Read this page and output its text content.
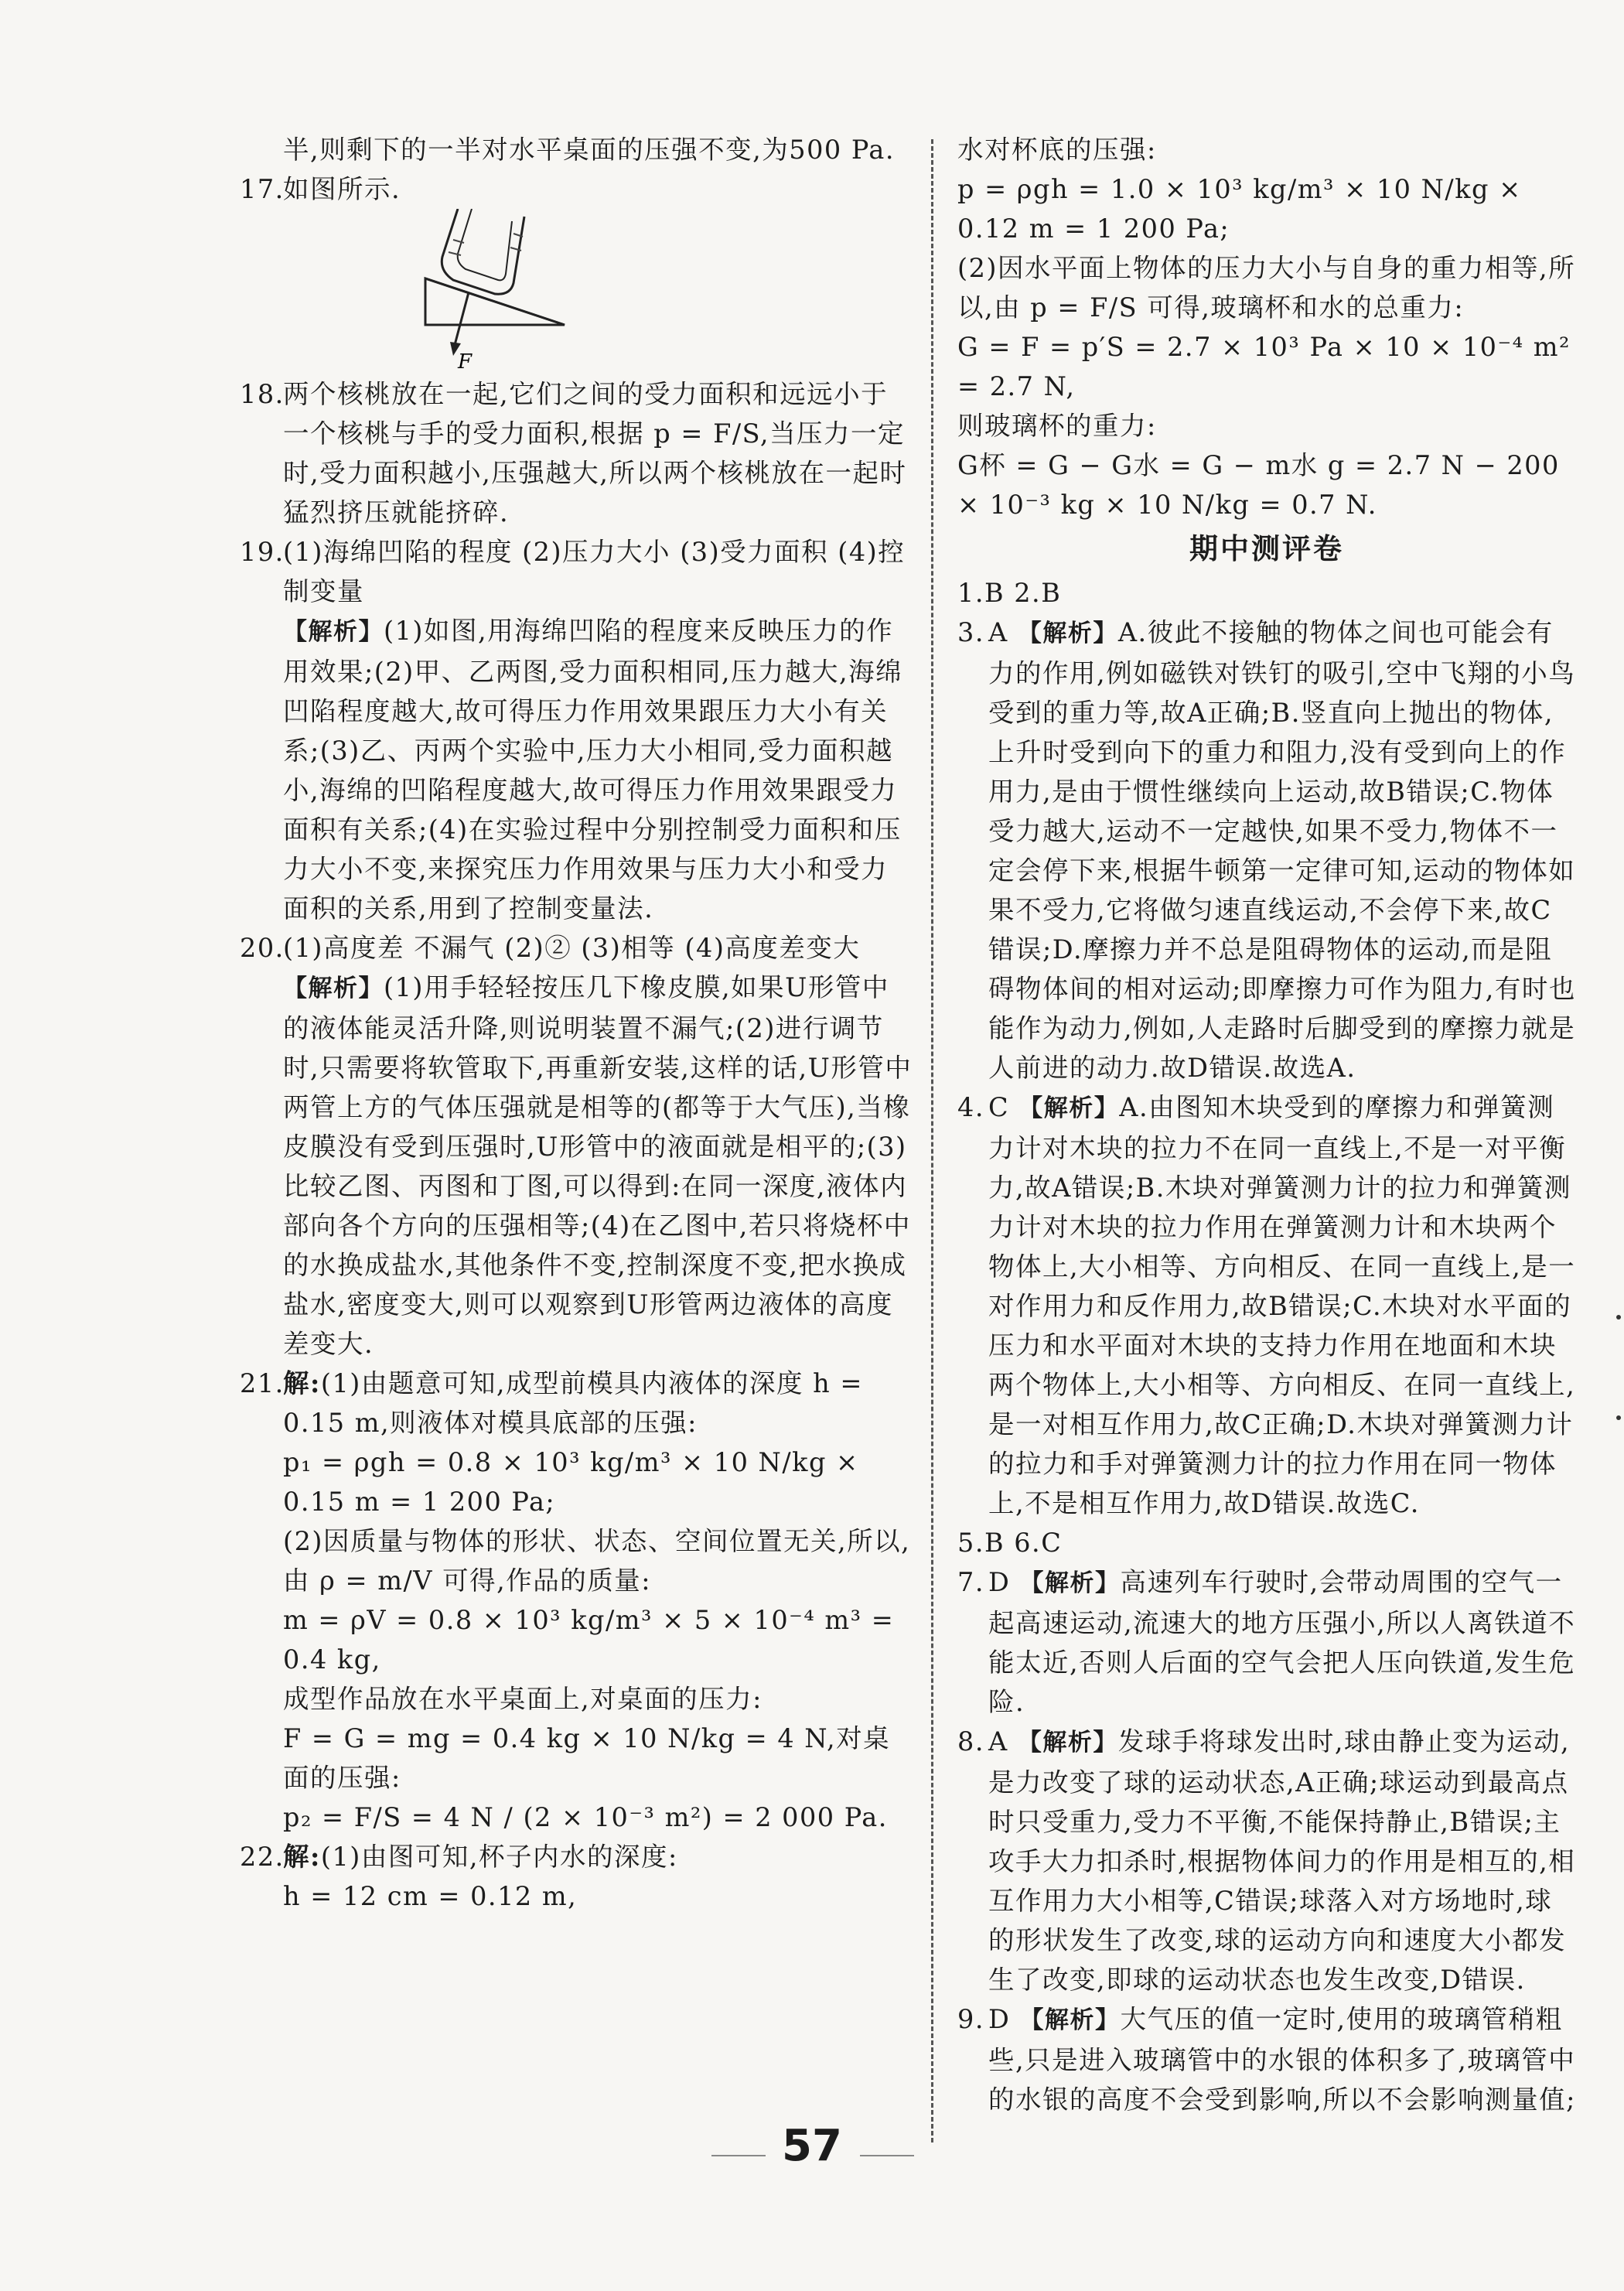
半,则剩下的一半对水平桌面的压强不变,为500 Pa.
17.
如图所示.
F
18.
两个核桃放在一起,它们之间的受力面积和远远小于一个核桃与手的受力面积,根据 p = F/S,当压力一定时,受力面积越小,压强越大,所以两个核桃放在一起时猛烈挤压就能挤碎.
19.
(1)海绵凹陷的程度 (2)压力大小 (3)受力面积 (4)控制变量
【解析】(1)如图,用海绵凹陷的程度来反映压力的作用效果;(2)甲、乙两图,受力面积相同,压力越大,海绵凹陷程度越大,故可得压力作用效果跟压力大小有关系;(3)乙、丙两个实验中,压力大小相同,受力面积越小,海绵的凹陷程度越大,故可得压力作用效果跟受力面积有关系;(4)在实验过程中分别控制受力面积和压力大小不变,来探究压力作用效果与压力大小和受力面积的关系,用到了控制变量法.
20.
(1)高度差 不漏气 (2)② (3)相等 (4)高度差变大 【解析】(1)用手轻轻按压几下橡皮膜,如果U形管中的液体能灵活升降,则说明装置不漏气;(2)进行调节时,只需要将软管取下,再重新安装,这样的话,U形管中两管上方的气体压强就是相等的(都等于大气压),当橡皮膜没有受到压强时,U形管中的液面就是相平的;(3)比较乙图、丙图和丁图,可以得到:在同一深度,液体内部向各个方向的压强相等;(4)在乙图中,若只将烧杯中的水换成盐水,其他条件不变,控制深度不变,把水换成盐水,密度变大,则可以观察到U形管两边液体的高度差变大.
21.
解:(1)由题意可知,成型前模具内液体的深度 h = 0.15 m,则液体对模具底部的压强:
p₁ = ρgh = 0.8 × 10³ kg/m³ × 10 N/kg × 0.15 m = 1 200 Pa;
(2)因质量与物体的形状、状态、空间位置无关,所以,由 ρ = m/V 可得,作品的质量:
m = ρV = 0.8 × 10³ kg/m³ × 5 × 10⁻⁴ m³ = 0.4 kg,
成型作品放在水平桌面上,对桌面的压力:
F = G = mg = 0.4 kg × 10 N/kg = 4 N,对桌面的压强:
p₂ = F/S = 4 N / (2 × 10⁻³ m²) = 2 000 Pa.
22.
解:(1)由图可知,杯子内水的深度:
h = 12 cm = 0.12 m,
水对杯底的压强:
p = ρgh = 1.0 × 10³ kg/m³ × 10 N/kg × 0.12 m = 1 200 Pa;
(2)因水平面上物体的压力大小与自身的重力相等,所以,由 p = F/S 可得,玻璃杯和水的总重力:
G = F = p′S = 2.7 × 10³ Pa × 10 × 10⁻⁴ m² = 2.7 N,
则玻璃杯的重力:
G杯 = G − G水 = G − m水 g = 2.7 N − 200 × 10⁻³ kg × 10 N/kg = 0.7 N.
期中测评卷
1.B 2.B
3. A 【解析】A.彼此不接触的物体之间也可能会有力的作用,例如磁铁对铁钉的吸引,空中飞翔的小鸟受到的重力等,故A正确;B.竖直向上抛出的物体,上升时受到向下的重力和阻力,没有受到向上的作用力,是由于惯性继续向上运动,故B错误;C.物体受力越大,运动不一定越快,如果不受力,物体不一定会停下来,根据牛顿第一定律可知,运动的物体如果不受力,它将做匀速直线运动,不会停下来,故C错误;D.摩擦力并不总是阻碍物体的运动,而是阻碍物体间的相对运动;即摩擦力可作为阻力,有时也能作为动力,例如,人走路时后脚受到的摩擦力就是人前进的动力.故D错误.故选A.
4. C 【解析】A.由图知木块受到的摩擦力和弹簧测力计对木块的拉力不在同一直线上,不是一对平衡力,故A错误;B.木块对弹簧测力计的拉力和弹簧测力计对木块的拉力作用在弹簧测力计和木块两个物体上,大小相等、方向相反、在同一直线上,是一对作用力和反作用力,故B错误;C.木块对水平面的压力和水平面对木块的支持力作用在地面和木块两个物体上,大小相等、方向相反、在同一直线上,是一对相互作用力,故C正确;D.木块对弹簧测力计的拉力和手对弹簧测力计的拉力作用在同一物体上,不是相互作用力,故D错误.故选C.
5.B 6.C
7. D 【解析】高速列车行驶时,会带动周围的空气一起高速运动,流速大的地方压强小,所以人离铁道不能太近,否则人后面的空气会把人压向铁道,发生危险.
8. A 【解析】发球手将球发出时,球由静止变为运动,是力改变了球的运动状态,A正确;球运动到最高点时只受重力,受力不平衡,不能保持静止,B错误;主攻手大力扣杀时,根据物体间力的作用是相互的,相互作用力大小相等,C错误;球落入对方场地时,球的形状发生了改变,球的运动方向和速度大小都发生了改变,即球的运动状态也发生改变,D错误.
9. D 【解析】大气压的值一定时,使用的玻璃管稍粗些,只是进入玻璃管中的水银的体积多了,玻璃管中的水银的高度不会受到影响,所以不会影响测量值;
57
